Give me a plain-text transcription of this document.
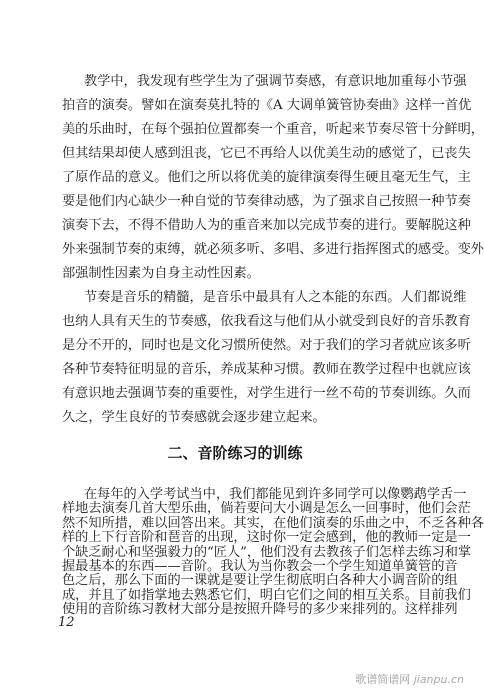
教学中，我发现有些学生为了强调节奏感，有意识地加重每小节强
拍音的演奏。譬如在演奏莫扎特的《A 大调单簧管协奏曲》这样一首优
美的乐曲时，在每个强拍位置都奏一个重音，听起来节奏尽管十分鲜明，
但其结果却使人感到沮丧，它已不再给人以优美生动的感觉了，已丧失
了原作品的意义。他们之所以将优美的旋律演奏得生硬且毫无生气，主
要是他们内心缺少一种自觉的节奏律动感，为了强求自己按照一种节奏
演奏下去，不得不借助人为的重音来加以完成节奏的进行。要解脱这种
外来强制节奏的束缚，就必须多听、多唱、多进行指挥图式的感受。变外
部强制性因素为自身主动性因素。
节奏是音乐的精髓，是音乐中最具有人之本能的东西。人们都说维
也纳人具有天生的节奏感，依我看这与他们从小就受到良好的音乐教育
是分不开的，同时也是文化习惯所使然。对于我们的学习者就应该多听
各种节奏特征明显的音乐，养成某种习惯。教师在教学过程中也就应该
有意识地去强调节奏的重要性，对学生进行一丝不苟的节奏训练。久而
久之，学生良好的节奏感就会逐步建立起来。
二、音阶练习的训练
在每年的入学考试当中，我们都能见到许多同学可以像鹦鹉学舌一
样地去演奏几首大型乐曲，倘若要问大小调是怎么一回事时，他们会茫
然不知所措，难以回答出来。其实，在他们演奏的乐曲之中，不乏各种各
样的上下行音阶和琶音的出现，这时你一定会感到，他的教师一定是一
个缺乏耐心和坚强毅力的“匠人”，他们没有去教孩子们怎样去练习和掌
握最基本的东西——音阶。我认为当你教会一个学生知道单簧管的音
色之后，那么下面的一课就是要让学生彻底明白各种大小调音阶的组
成，并且了如指掌地去熟悉它们，明白它们之间的相互关系。目前我们
使用的音阶练习教材大部分是按照升降号的多少来排列的。这样排列
12
歌谱简谱网 jianpu.cn
